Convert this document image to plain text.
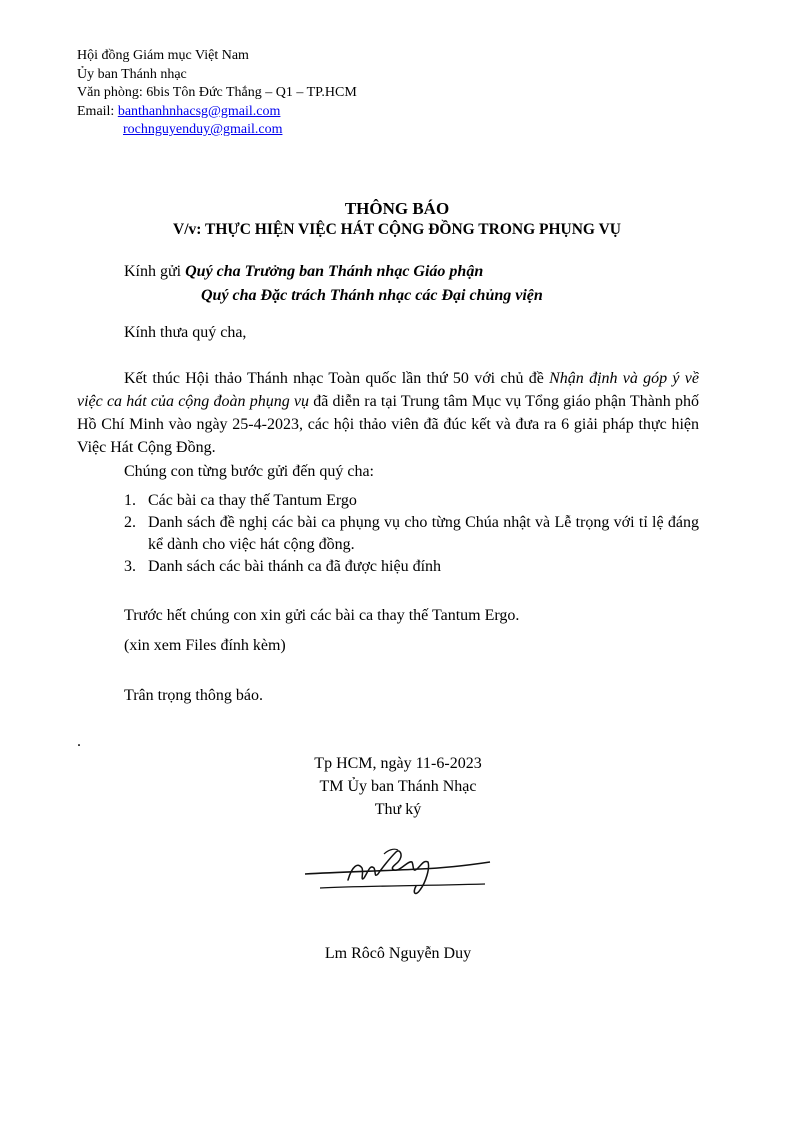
Hội đồng Giám mục Việt Nam
Ủy ban Thánh nhạc
Văn phòng: 6bis Tôn Đức Thắng – Q1 – TP.HCM
Email: banthanhnhacsg@gmail.com
rochnguyenduy@gmail.com
THÔNG BÁO
V/v: THỰC HIỆN VIỆC HÁT CỘNG ĐỒNG TRONG PHỤNG VỤ
Kính gửi Quý cha Trưởng ban Thánh nhạc Giáo phận
Quý cha Đặc trách Thánh nhạc các Đại chủng viện
Kính thưa quý cha,
Kết thúc Hội thảo Thánh nhạc Toàn quốc lần thứ 50 với chủ đề Nhận định và góp ý về việc ca hát của cộng đoàn phụng vụ đã diễn ra tại Trung tâm Mục vụ Tổng giáo phận Thành phố Hồ Chí Minh vào ngày 25-4-2023, các hội thảo viên đã đúc kết và đưa ra 6 giải pháp thực hiện Việc Hát Cộng Đồng.
Chúng con từng bước gửi đến quý cha:
1. Các bài ca thay thế Tantum Ergo
2. Danh sách đề nghị các bài ca phụng vụ cho từng Chúa nhật và Lễ trọng với tỉ lệ đáng kể dành cho việc hát cộng đồng.
3. Danh sách các bài thánh ca đã được hiệu đính
Trước hết chúng con xin gửi các bài ca thay thế Tantum Ergo.
(xin xem Files đính kèm)
Trân trọng thông báo.
.
Tp HCM, ngày 11-6-2023
TM Ủy ban Thánh Nhạc
Thư ký
Lm Rôcô Nguyễn Duy
